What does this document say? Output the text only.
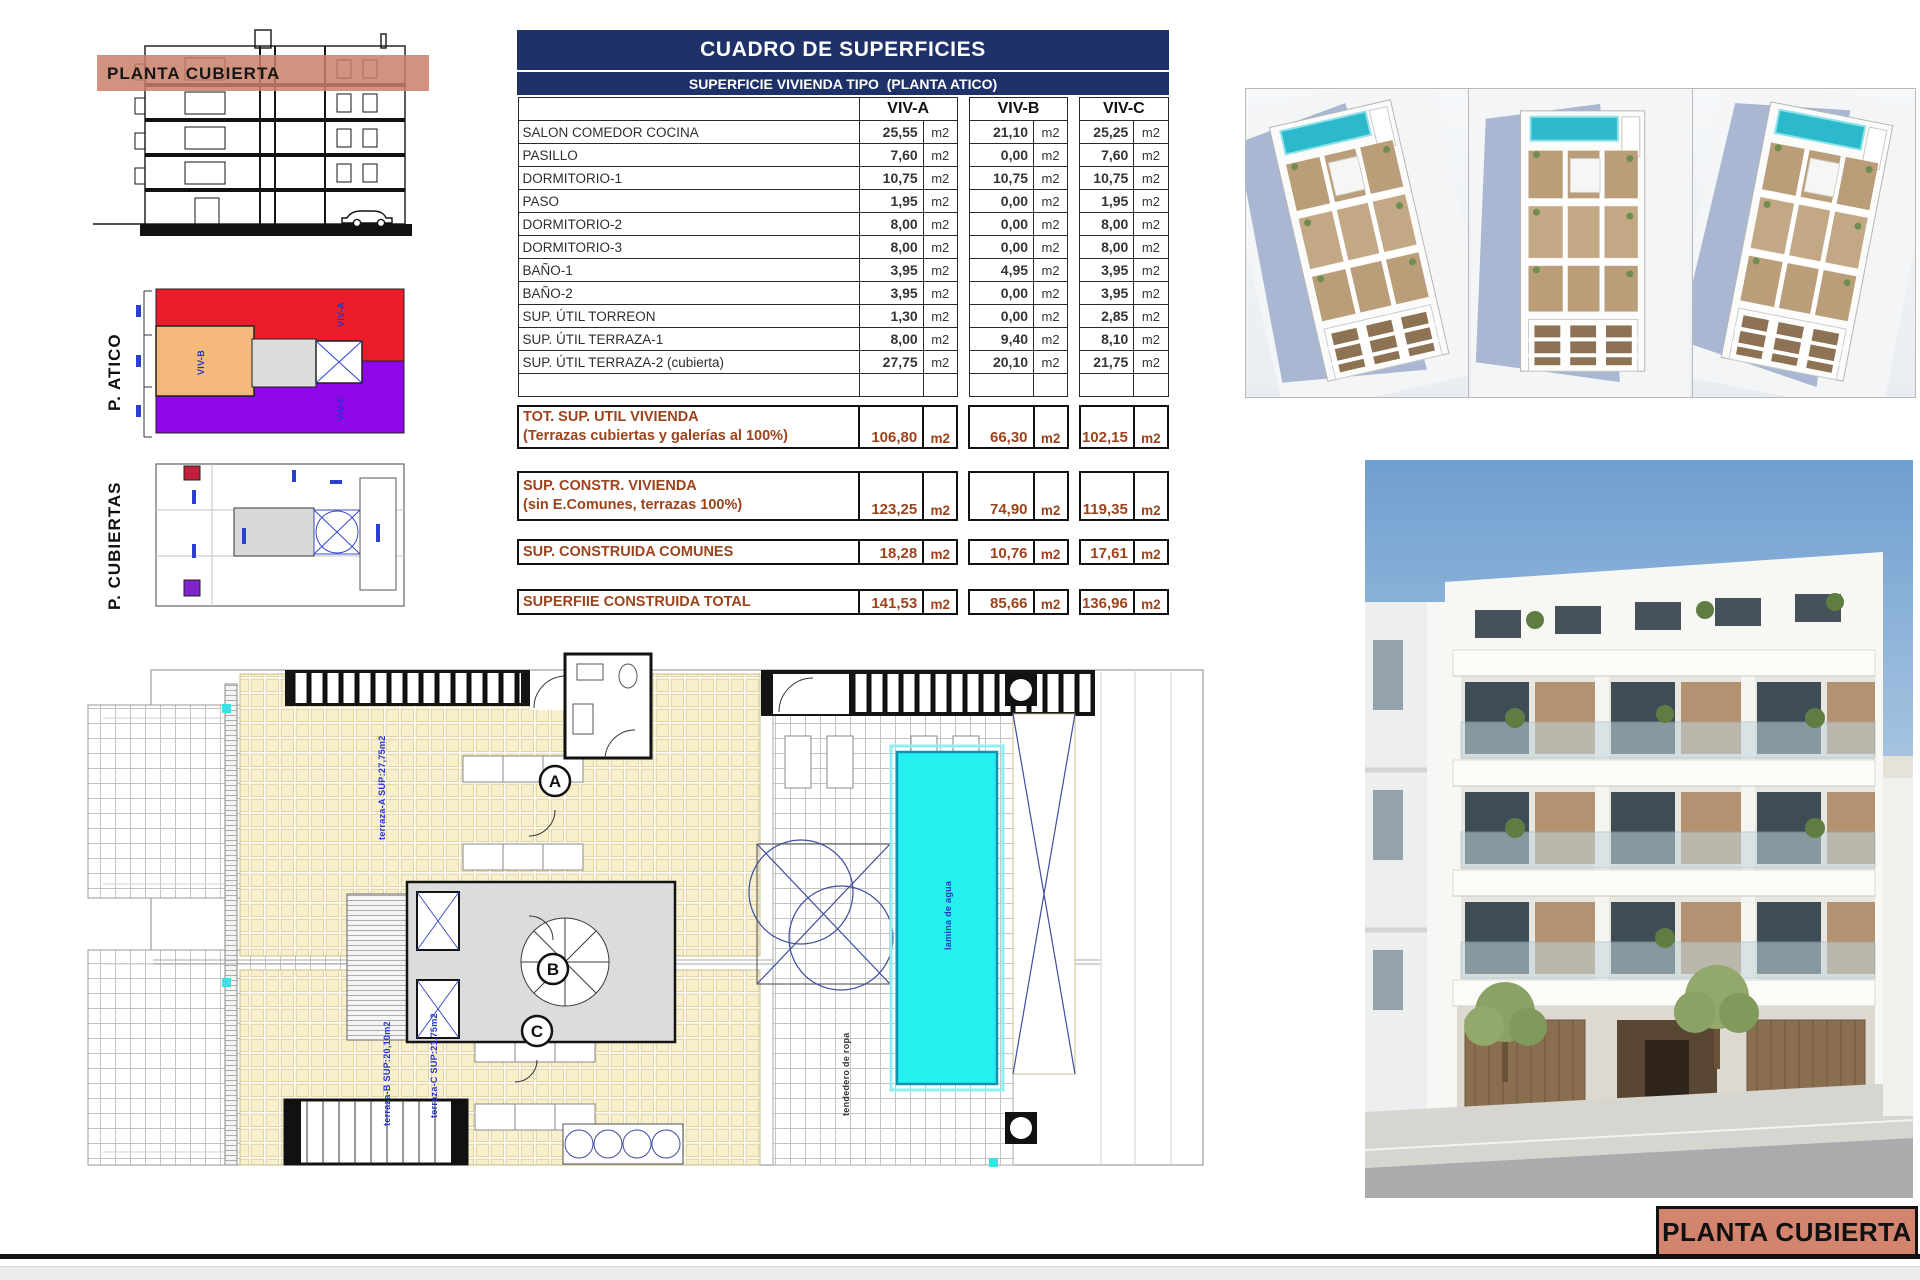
PLANTA CUBIERTA
P. ATICO
VIV-A
VIV-B
VIV-C
P. CUBIERTAS
CUADRO DE SUPERFICIES
SUPERFICIE VIVIENDA TIPO  (PLANTA ATICO)
	VIV-A			VIV-B			VIV-C	
SALON COMEDOR COCINA	25,55	m2		21,10	m2		25,25	m2
PASILLO	7,60	m2		0,00	m2		7,60	m2
DORMITORIO-1	10,75	m2		10,75	m2		10,75	m2
PASO	1,95	m2		0,00	m2		1,95	m2
DORMITORIO-2	8,00	m2		0,00	m2		8,00	m2
DORMITORIO-3	8,00	m2		0,00	m2		8,00	m2
BAÑO-1	3,95	m2		4,95	m2		3,95	m2
BAÑO-2	3,95	m2		0,00	m2		3,95	m2
SUP. ÚTIL TORREON	1,30	m2		0,00	m2		2,85	m2
SUP. ÚTIL TERRAZA-1	8,00	m2		9,40	m2		8,10	m2
SUP. ÚTIL TERRAZA-2 (cubierta)	27,75	m2		20,10	m2		21,75	m2

TOT. SUP. UTIL VIVIENDA
(Terrazas cubiertas y galerías al 100%)	106,80	m2		66,30	m2		102,15	m2

SUP. CONSTR. VIVIENDA
(sin E.Comunes, terrazas 100%)	123,25	m2		74,90	m2		119,35	m2

SUP. CONSTRUIDA COMUNES	18,28	m2		10,76	m2		17,61	m2

SUPERFIIE CONSTRUIDA TOTAL	141,53	m2		85,66	m2		136,96	m2
lamina de agua
A
B
C
terraza-A SUP:27,75m2
terraza-B SUP:20,10m2	terraza-C SUP:21,75m2	tendedero de ropa
PLANTA CUBIERTA
